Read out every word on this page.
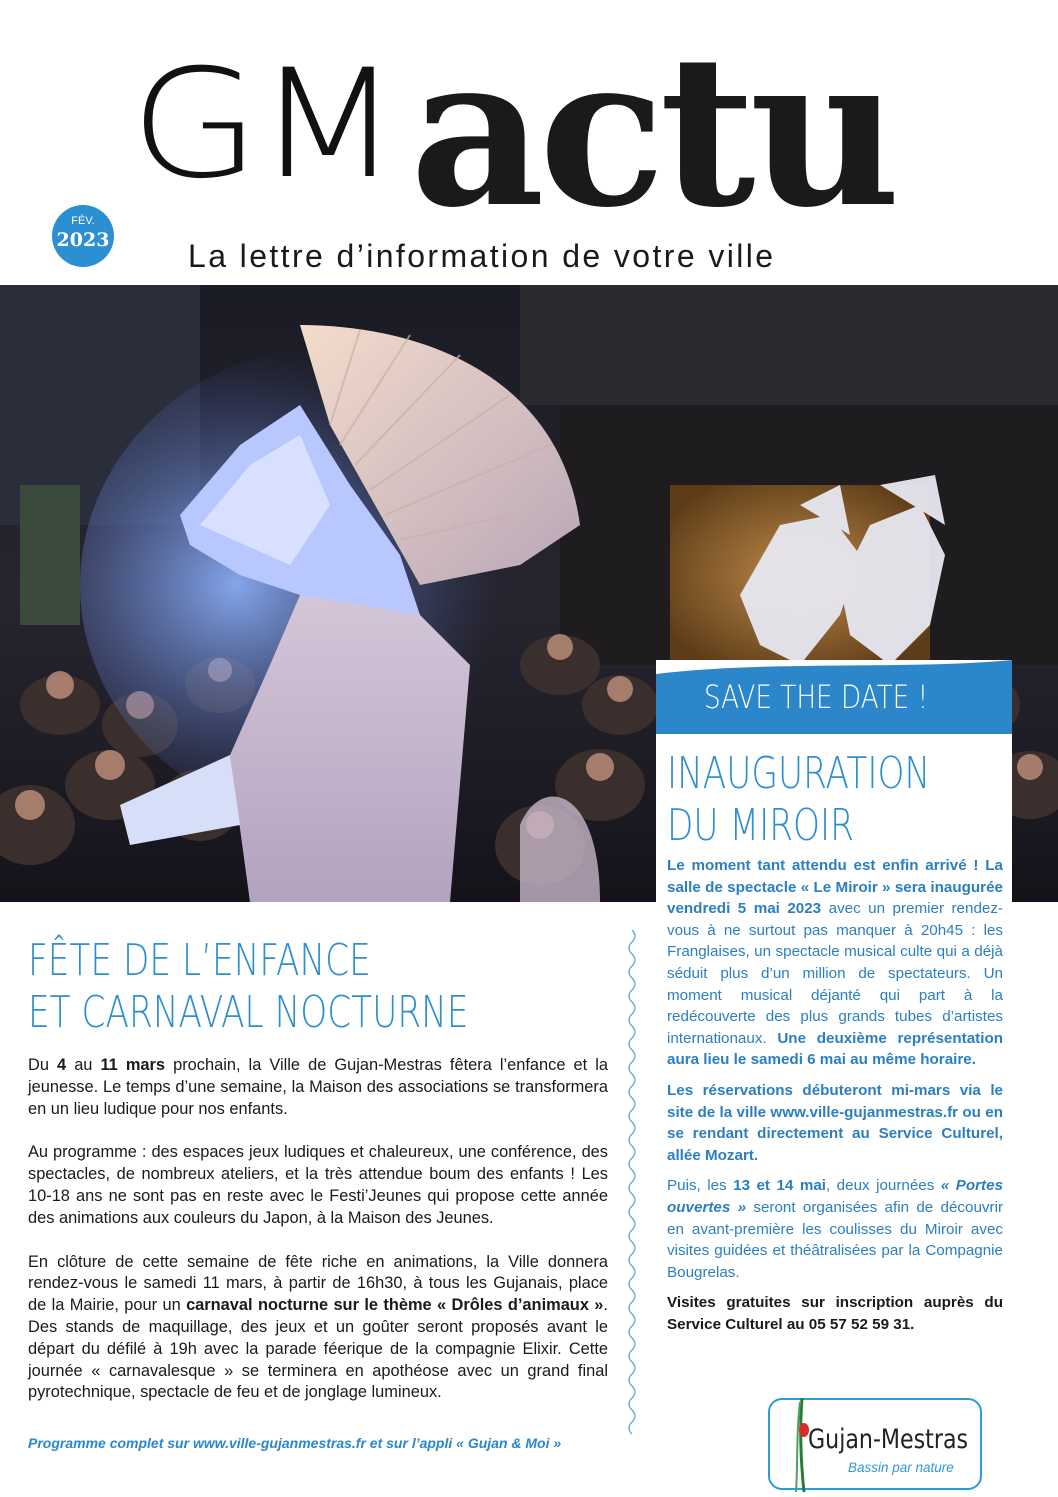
GM actu
FÉV.
2023 La lettre d’information de votre ville
SAVE THE DATE !
INAUGURATION
DU MIROIR

Le moment tant attendu est enfin arrivé ! La salle de spectacle « Le Miroir » sera inaugurée vendredi 5 mai 2023 avec un premier rendez-vous à ne surtout pas manquer à 20h45 : les Franglaises, un spectacle musical culte qui a déjà séduit plus d’un million de spectateurs. Un moment musical déjanté qui part à la redécouverte des plus grands tubes d’artistes internationaux. Une deuxième représentation aura lieu le samedi 6 mai au même horaire.

Les réservations débuteront mi-mars via le site de la ville www.ville-gujanmestras.fr ou en se rendant directement au Service Culturel, allée Mozart.

Puis, les 13 et 14 mai, deux journées « Portes ouvertes » seront organisées afin de découvrir en avant-première les coulisses du Miroir avec visites guidées et théâtralisées par la Compagnie Bougrelas.

Visites gratuites sur inscription auprès du Service Culturel au 05 57 52 59 31.

FÊTE DE L’ENFANCE
ET CARNAVAL NOCTURNE

Du 4 au 11 mars prochain, la Ville de Gujan-Mestras fêtera l’enfance et la jeunesse. Le temps d’une semaine, la Maison des associations se transformera en un lieu ludique pour nos enfants.

Au programme : des espaces jeux ludiques et chaleureux, une conférence, des spectacles, de nombreux ateliers, et la très attendue boum des enfants ! Les 10-18 ans ne sont pas en reste avec le Festi’Jeunes qui propose cette année des animations aux couleurs du Japon, à la Maison des Jeunes.

En clôture de cette semaine de fête riche en animations, la Ville donnera rendez-vous le samedi 11 mars, à partir de 16h30, à tous les Gujanais, place de la Mairie, pour un carnaval nocturne sur le thème « Drôles d’animaux ». Des stands de maquillage, des jeux et un goûter seront proposés avant le départ du défilé à 19h avec la parade féerique de la compagnie Elixir. Cette journée « carnavalesque » se terminera en apothéose avec un grand final pyrotechnique, spectacle de feu et de jonglage lumineux.

Programme complet sur www.ville-gujanmestras.fr et sur l’appli « Gujan & Moi »	Gujan-Mestras
Bassin par nature
